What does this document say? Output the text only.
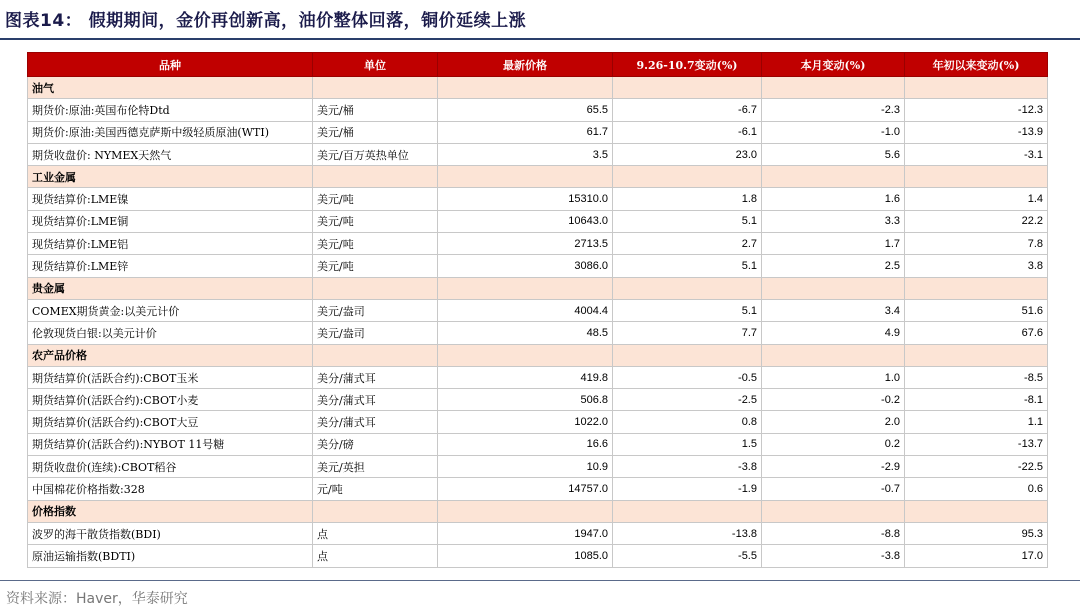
图表14： 假期期间，金价再创新高，油价整体回落，铜价延续上涨
品种	单位	最新价格	9.26-10.7变动(%)	本月变动(%)	年初以来变动(%)
油气					
期货价:原油:英国布伦特Dtd	美元/桶	65.5	-6.7	-2.3	-12.3
期货价:原油:美国西德克萨斯中级轻质原油(WTI)	美元/桶	61.7	-6.1	-1.0	-13.9
期货收盘价: NYMEX天然气	美元/百万英热单位	3.5	23.0	5.6	-3.1
工业金属					
现货结算价:LME镍	美元/吨	15310.0	1.8	1.6	1.4
现货结算价:LME铜	美元/吨	10643.0	5.1	3.3	22.2
现货结算价:LME铝	美元/吨	2713.5	2.7	1.7	7.8
现货结算价:LME锌	美元/吨	3086.0	5.1	2.5	3.8
贵金属					
COMEX期货黄金:以美元计价	美元/盎司	4004.4	5.1	3.4	51.6
伦敦现货白银:以美元计价	美元/盎司	48.5	7.7	4.9	67.6
农产品价格					
期货结算价(活跃合约):CBOT玉米	美分/蒲式耳	419.8	-0.5	1.0	-8.5
期货结算价(活跃合约):CBOT小麦	美分/蒲式耳	506.8	-2.5	-0.2	-8.1
期货结算价(活跃合约):CBOT大豆	美分/蒲式耳	1022.0	0.8	2.0	1.1
期货结算价(活跃合约):NYBOT 11号糖	美分/磅	16.6	1.5	0.2	-13.7
期货收盘价(连续):CBOT稻谷	美元/英担	10.9	-3.8	-2.9	-22.5
中国棉花价格指数:328	元/吨	14757.0	-1.9	-0.7	0.6
价格指数					
波罗的海干散货指数(BDI)	点	1947.0	-13.8	-8.8	95.3
原油运输指数(BDTI)	点	1085.0	-5.5	-3.8	17.0
资料来源：Haver，华泰研究
